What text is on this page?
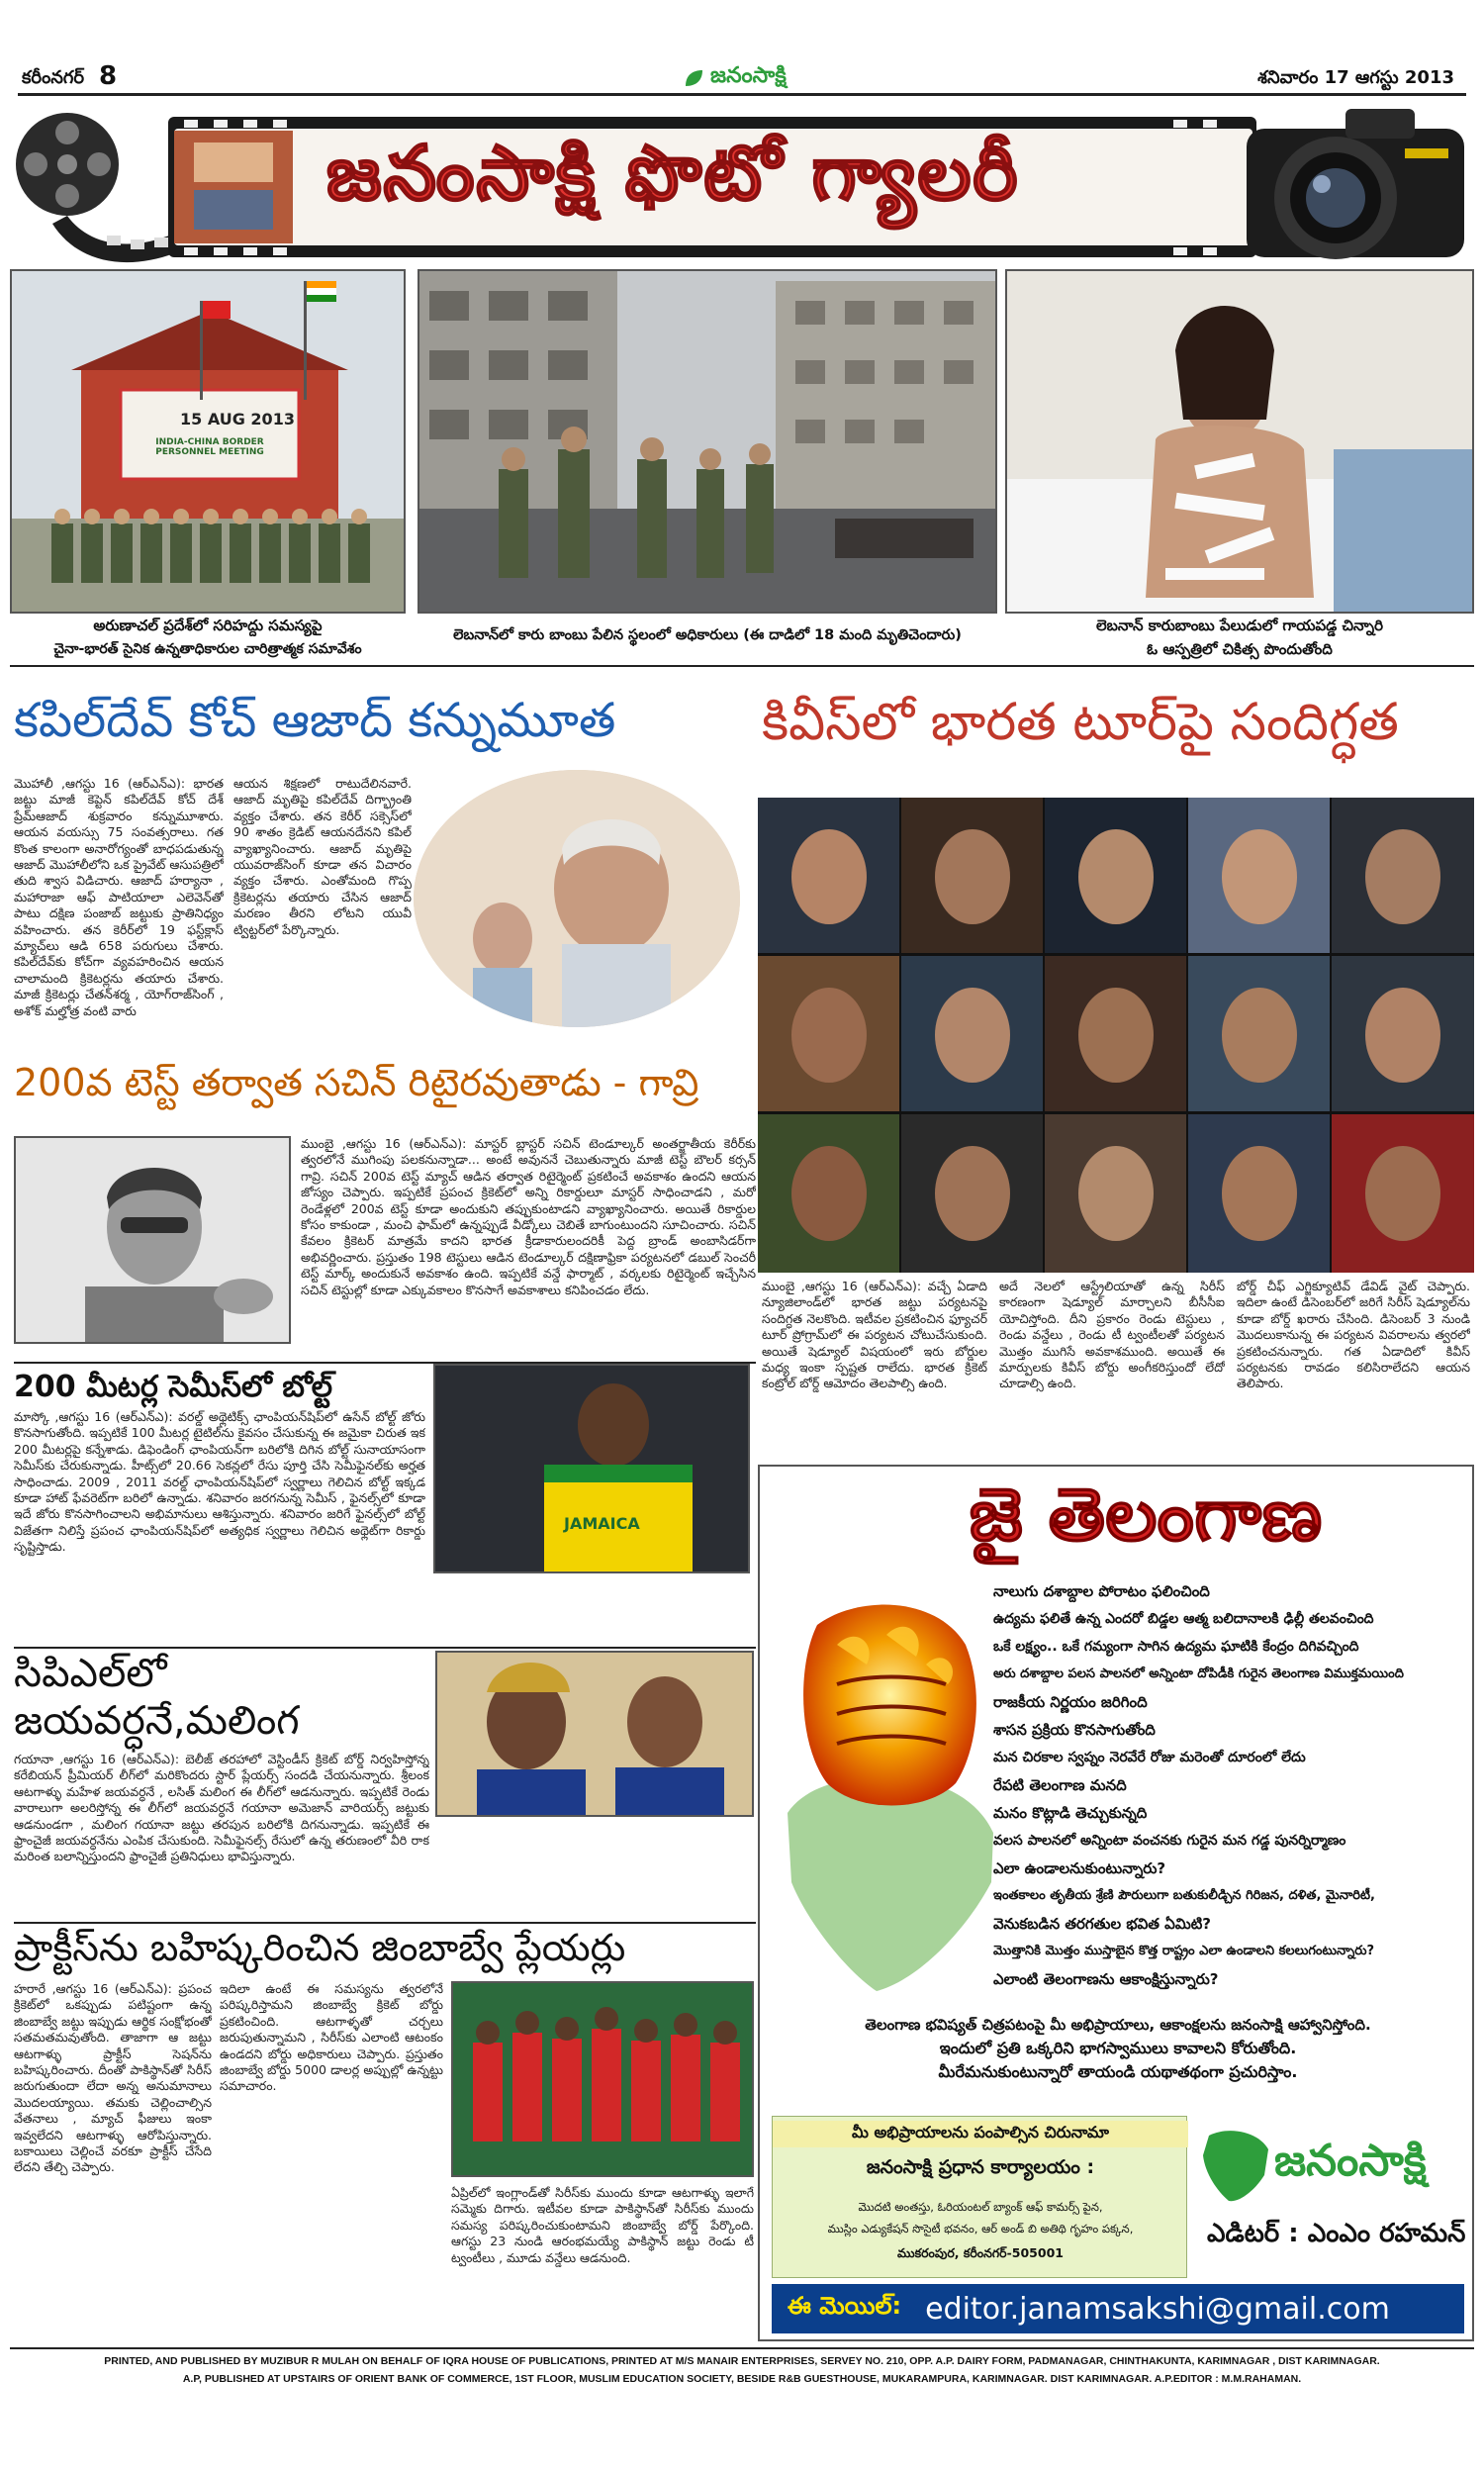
కరీంనగర్ 8	జనంసాక్షి	శనివారం 17 ఆగస్టు 2013
జనంసాక్షి ఫొటో గ్యాలరీ
15 AUG 2013
INDIA-CHINA BORDER PERSONNEL MEETING
అరుణాచల్ ప్రదేశ్‌లో సరిహద్దు సమస్యపై
చైనా-భారత్ సైనిక ఉన్నతాధికారుల చారిత్రాత్మక సమావేశం
లెబనాన్‌లో కారు బాంబు పేలిన స్థలంలో అధికారులు (ఈ దాడిలో 18 మంది మృతిచెందారు)
లెబనాన్ కారుబాంబు పేలుడులో గాయపడ్డ చిన్నారి
ఓ ఆస్పత్రిలో చికిత్స పొందుతోంది
కపిల్‌దేవ్ కోచ్ ఆజాద్ కన్నుమూత
మొహాలీ ,ఆగస్టు 16 (ఆర్ఎన్ఎ): భారత జట్టు మాజీ కెప్టెన్ కపిల్‌దేవ్ కోచ్ దేశ్ ప్రేమ్‌ఆజాద్ శుక్రవారం కన్నుమూశారు. ఆయన వయస్సు 75 సంవత్సరాలు. గత కొంత కాలంగా అనారోగ్యంతో బాధపడుతున్న ఆజాద్ మొహాలీలోని ఒక ప్రైవేట్ ఆసుపత్రిలో తుది శ్వాస విడిచారు. ఆజాద్ హర్యానా , మహారాజా ఆఫ్ పాటియాలా ఎలెవెన్‌తో పాటు దక్షిణ పంజాబ్ జట్టుకు ప్రాతినిధ్యం వహించారు. తన కెరీర్‌లో 19 ఫస్ట్‌క్లాస్ మ్యాచ్‌లు ఆడి 658 పరుగులు చేశారు. కపిల్‌దేవ్‌కు కోచ్‌గా వ్యవహరించిన ఆయన చాలామంది క్రికెటర్లను తయారు చేశారు. మాజీ క్రికెటర్లు చేతన్‌శర్మ , యోగ్‌రాజ్‌సింగ్ , అశోక్ మల్హోత్ర వంటి వారు
ఆయన శిక్షణలో రాటుదేలినవారే. ఆజాద్ మృతిపై కపిల్‌దేవ్ దిగ్భ్రాంతి వ్యక్తం చేశారు. తన కెరీర్ సక్సెస్‌లో 90 శాతం క్రెడిట్ ఆయనదేనని కపిల్ వ్యాఖ్యానించారు. ఆజాద్ మృతిపై యువరాజ్‌సింగ్ కూడా తన విచారం వ్యక్తం చేశారు. ఎంతోమంది గొప్ప క్రికెటర్లను తయారు చేసిన ఆజాద్ మరణం తీరని లోటని యువీ ట్విట్టర్‌లో పేర్కొన్నారు.
200వ టెస్ట్ తర్వాత సచిన్ రిటైరవుతాడు - గావ్రి
ముంబై ,ఆగస్టు 16 (ఆర్ఎన్ఎ): మాస్టర్ బ్లాస్టర్ సచిన్ టెండూల్కర్ అంతర్జాతీయ కెరీర్‌కు త్వరలోనే ముగింపు పలకనున్నాడా... అంటే అవుననే చెబుతున్నారు మాజీ టెస్ట్ బౌలర్ కర్సన్ గావ్రి. సచిన్ 200వ టెస్ట్ మ్యాచ్ ఆడిన తర్వాత రిటైర్మెంట్ ప్రకటించే అవకాశం ఉందని ఆయన జోస్యం చెప్పారు. ఇప్పటికే ప్రపంచ క్రికెట్‌లో అన్ని రికార్డులూ మాస్టర్ సాధించాడని , మరో రెండేళ్లలో 200వ టెస్ట్ కూడా అందుకుని తప్పుకుంటాడని వ్యాఖ్యానించారు. అయితే రికార్డుల కోసం కాకుండా , మంచి ఫామ్‌లో ఉన్నప్పుడే వీడ్కోలు చెబితే బాగుంటుందని సూచించారు. సచిన్ కేవలం క్రికెటర్ మాత్రమే కాదని భారత క్రీడాకారులందరికీ పెద్ద బ్రాండ్ అంబాసిడర్‌గా అభివర్ణించారు. ప్రస్తుతం 198 టెస్టులు ఆడిన టెండూల్కర్ దక్షిణాఫ్రికా పర్యటనలో డబుల్ సెంచరీ టెస్ట్ మార్క్ అందుకునే అవకాశం ఉంది. ఇప్పటికే వన్డే ఫార్మాట్ , వర్కలకు రిటైర్మెంట్ ఇచ్చేసిన సచిన్ టెస్టుల్లో కూడా ఎక్కువకాలం కొనసాగే అవకాశాలు కనిపించడం లేదు.
కివీస్‌లో భారత టూర్‌పై సందిగ్ధత
ముంబై ,ఆగస్టు 16 (ఆర్ఎన్ఎ): వచ్చే ఏడాది న్యూజిలాండ్‌లో భారత జట్టు పర్యటనపై సందిగ్ధత నెలకొంది. ఇటీవల ప్రకటించిన ఫ్యూచర్ టూర్ ప్రోగ్రామ్‌లో ఈ పర్యటన చోటుచేసుకుంది. అయితే షెడ్యూల్ విషయంలో ఇరు బోర్డుల మధ్య ఇంకా స్పష్టత రాలేదు. భారత క్రికెట్ కంట్రోల్ బోర్డ్ ఆమోదం తెలపాల్సి ఉంది.
అదే నెలలో ఆస్ట్రేలియాతో ఉన్న సిరీస్ కారణంగా షెడ్యూల్ మార్చాలని బీసీసీఐ యోచిస్తోంది. దీని ప్రకారం రెండు టెస్టులు , రెండు వన్డేలు , రెండు టీ ట్వంటీలతో పర్యటన మొత్తం ముగిసే అవకాశముంది. అయితే ఈ మార్పులకు కివీస్ బోర్డు అంగీకరిస్తుందో లేదో చూడాల్సి ఉంది.
బోర్డ్ చీఫ్ ఎగ్జిక్యూటివ్ డేవిడ్ వైట్ చెప్పారు. ఇదిలా ఉంటే డిసెంబర్‌లో జరిగే సిరీస్ షెడ్యూల్‌ను కూడా బోర్డ్ ఖరారు చేసింది. డిసెంబర్ 3 నుండి మొదలుకానున్న ఈ పర్యటన వివరాలను త్వరలో ప్రకటించనున్నారు. గత ఏడాదిలో కివీస్ పర్యటనకు రావడం కలిసిరాలేదని ఆయన తెలిపారు.
200 మీటర్ల సెమీస్‌లో బోల్ట్
JAMAICA
మాస్కో ,ఆగస్టు 16 (ఆర్ఎన్ఎ): వరల్డ్ అథ్లెటిక్స్ ఛాంపియన్‌షిప్‌లో ఉసేన్ బోల్ట్ జోరు కొనసాగుతోంది. ఇప్పటికే 100 మీటర్ల టైటిల్‌ను కైవసం చేసుకున్న ఈ జమైకా చిరుత ఇక 200 మీటర్లపై కన్నేశాడు. డిఫెండింగ్ ఛాంపియన్‌గా బరిలోకి దిగిన బోల్ట్ సునాయాసంగా సెమీస్‌కు చేరుకున్నాడు. హీట్స్‌లో 20.66 సెకన్లలో రేసు పూర్తి చేసి సెమీఫైనల్‌కు అర్హత సాధించాడు. 2009 , 2011 వరల్డ్ ఛాంపియన్‌షిప్‌లో స్వర్ణాలు గెలిచిన బోల్ట్ ఇక్కడ కూడా హాట్ ఫేవరెట్‌గా బరిలో ఉన్నాడు. శనివారం జరగనున్న సెమీస్ , ఫైనల్స్‌లో కూడా ఇదే జోరు కొనసాగించాలని అభిమానులు ఆశిస్తున్నారు. శనివారం జరిగే ఫైనల్స్‌లో బోల్ట్ విజేతగా నిలిస్తే ప్రపంచ ఛాంపియన్‌షిప్‌లో అత్యధిక స్వర్ణాలు గెలిచిన అథ్లెట్‌గా రికార్డు సృష్టిస్తాడు.
సిపిఎల్‌లో
జయవర్ధనే,మలింగ
గయానా ,ఆగస్టు 16 (ఆర్ఎన్ఎ): బెలీజ్ తరహాలో వెస్టిండీస్ క్రికెట్ బోర్డ్ నిర్వహిస్తోన్న కరేబియన్ ప్రీమియర్ లీగ్‌లో మరికొందరు స్టార్ ప్లేయర్స్ సందడి చేయనున్నారు. శ్రీలంక ఆటగాళ్ళు మహేళ జయవర్ధనే , లసిత్ మలింగ ఈ లీగ్‌లో ఆడనున్నారు. ఇప్పటికే రెండు వారాలుగా అలరిస్తోన్న ఈ లీగ్‌లో జయవర్ధనే గయానా అమెజాన్ వారియర్స్ జట్టుకు ఆడనుండగా , మలింగ గయానా జట్టు తరపున బరిలోకి దిగనున్నాడు. ఇప్పటికే ఈ ఫ్రాంచైజీ జయవర్ధనేను ఎంపిక చేసుకుంది. సెమీఫైనల్స్ రేసులో ఉన్న తరుణంలో వీరి రాక మరింత బలాన్నిస్తుందని ఫ్రాంచైజీ ప్రతినిధులు భావిస్తున్నారు.
ప్రాక్టీస్‌ను బహిష్కరించిన జింబాబ్వే ప్లేయర్లు
హరారే ,ఆగస్టు 16 (ఆర్ఎన్ఎ): ప్రపంచ క్రికెట్‌లో ఒకప్పుడు పటిష్టంగా ఉన్న జింబాబ్వే జట్టు ఇప్పుడు ఆర్థిక సంక్షోభంతో సతమతమవుతోంది. తాజాగా ఆ జట్టు ఆటగాళ్ళు ప్రాక్టీస్ సెషన్‌ను బహిష్కరించారు. దీంతో పాకిస్థాన్‌తో సిరీస్ జరుగుతుందా లేదా అన్న అనుమానాలు మొదలయ్యాయి. తమకు చెల్లించాల్సిన వేతనాలు , మ్యాచ్ ఫీజులు ఇంకా ఇవ్వలేదని ఆటగాళ్ళు ఆరోపిస్తున్నారు. బకాయిలు చెల్లించే వరకూ ప్రాక్టీస్ చేసేది లేదని తేల్చి చెప్పారు.
ఇదిలా ఉంటే ఈ సమస్యను త్వరలోనే పరిష్కరిస్తామని జింబాబ్వే క్రికెట్ బోర్డు ప్రకటించింది. ఆటగాళ్ళతో చర్చలు జరుపుతున్నామని , సిరీస్‌కు ఎలాంటి ఆటంకం ఉండదని బోర్డు అధికారులు చెప్పారు. ప్రస్తుతం జింబాబ్వే బోర్డు 5000 డాలర్ల అప్పుల్లో ఉన్నట్టు సమాచారం.
ఏప్రిల్‌లో ఇంగ్లాండ్‌తో సిరీస్‌కు ముందు కూడా ఆటగాళ్ళు ఇలాగే సమ్మెకు దిగారు. ఇటీవల కూడా పాకిస్థాన్‌తో సిరీస్‌కు ముందు సమస్య పరిష్కరించుకుంటామని జింబాబ్వే బోర్డ్ పేర్కొంది. ఆగస్టు 23 నుండి ఆరంభమయ్యే పాకిస్థాన్ జట్టు రెండు టీ ట్వంటీలు , మూడు వన్డేలు ఆడనుంది.
జై తెలంగాణ
నాలుగు దశాబ్దాల పోరాటం ఫలించింది
ఉద్యమ ఫలితే ఉన్న ఎందరో బిడ్డల ఆత్మ బలిదానాలకి ఢిల్లీ తలవంచింది
ఒకే లక్ష్యం.. ఒకే గమ్యంగా సాగిన ఉద్యమ ఘాటికి కేంద్రం దిగివచ్చింది
అరు దశాబ్దాల పలస పాలనలో అన్నింటా దోపిడీకి గురైన తెలంగాణ విముక్తమయింది
రాజకీయ నిర్ణయం జరిగింది
శాసన ప్రక్రియ కొనసాగుతోంది
మన చిరకాల స్వప్నం నెరవేరే రోజు మరెంతో దూరంలో లేదు
రేపటి తెలంగాణ మనది
మనం కొట్లాడి తెచ్చుకున్నది
వలస పాలనలో అన్నింటా వంచనకు గురైన మన గడ్డ పునర్నిర్మాణం
ఎలా ఉండాలనుకుంటున్నారు?
ఇంతకాలం తృతీయ శ్రేణి పౌరులుగా బతుకులీడ్చిన గిరిజన, దళిత, మైనారిటీ,
వెనుకబడిన తరగతుల భవిత ఏమిటి?
మొత్తానికి మొత్తం ముస్తాబైన కొత్త రాష్ట్రం ఎలా ఉండాలని కలలుగంటున్నారు?
ఎలాంటి తెలంగాణను ఆకాంక్షిస్తున్నారు?
తెలంగాణ భవిష్యత్ చిత్రపటంపై మీ అభిప్రాయాలు, ఆకాంక్షలను జనంసాక్షి ఆహ్వానిస్తోంది.
ఇందులో ప్రతి ఒక్కరిని భాగస్వాములు కావాలని కోరుతోంది.
మీరేమనుకుంటున్నారో తాయండి యథాతథంగా ప్రచురిస్తాం.
మీ అభిప్రాయాలను పంపాల్సిన చిరునామా
జనంసాక్షి ప్రధాన కార్యాలయం :
మొదటి అంతస్తు, ఓరియంటల్ బ్యాంక్ ఆఫ్ కామర్స్ పైన,
ముస్లిం ఎడ్యుకేషన్ సొసైటీ భవనం, ఆర్ అండ్ బి అతిథి గృహం పక్కన,
ముకరంపుర, కరీంనగర్-505001
జనంసాక్షి
ఎడిటర్ : ఎంఎం రహమన్
ఈ మెయిల్: editor.janamsakshi@gmail.com
PRINTED, AND PUBLISHED BY MUZIBUR R MULAH ON BEHALF OF IQRA HOUSE OF PUBLICATIONS, PRINTED AT M/S MANAIR ENTERPRISES, SERVEY NO. 210, OPP. A.P. DAIRY FORM, PADMANAGAR, CHINTHAKUNTA, KARIMNAGAR , DIST KARIMNAGAR.
A.P, PUBLISHED AT UPSTAIRS OF ORIENT BANK OF COMMERCE, 1ST FLOOR, MUSLIM EDUCATION SOCIETY, BESIDE R&B GUESTHOUSE, MUKARAMPURA, KARIMNAGAR. DIST KARIMNAGAR. A.P.EDITOR : M.M.RAHAMAN.
